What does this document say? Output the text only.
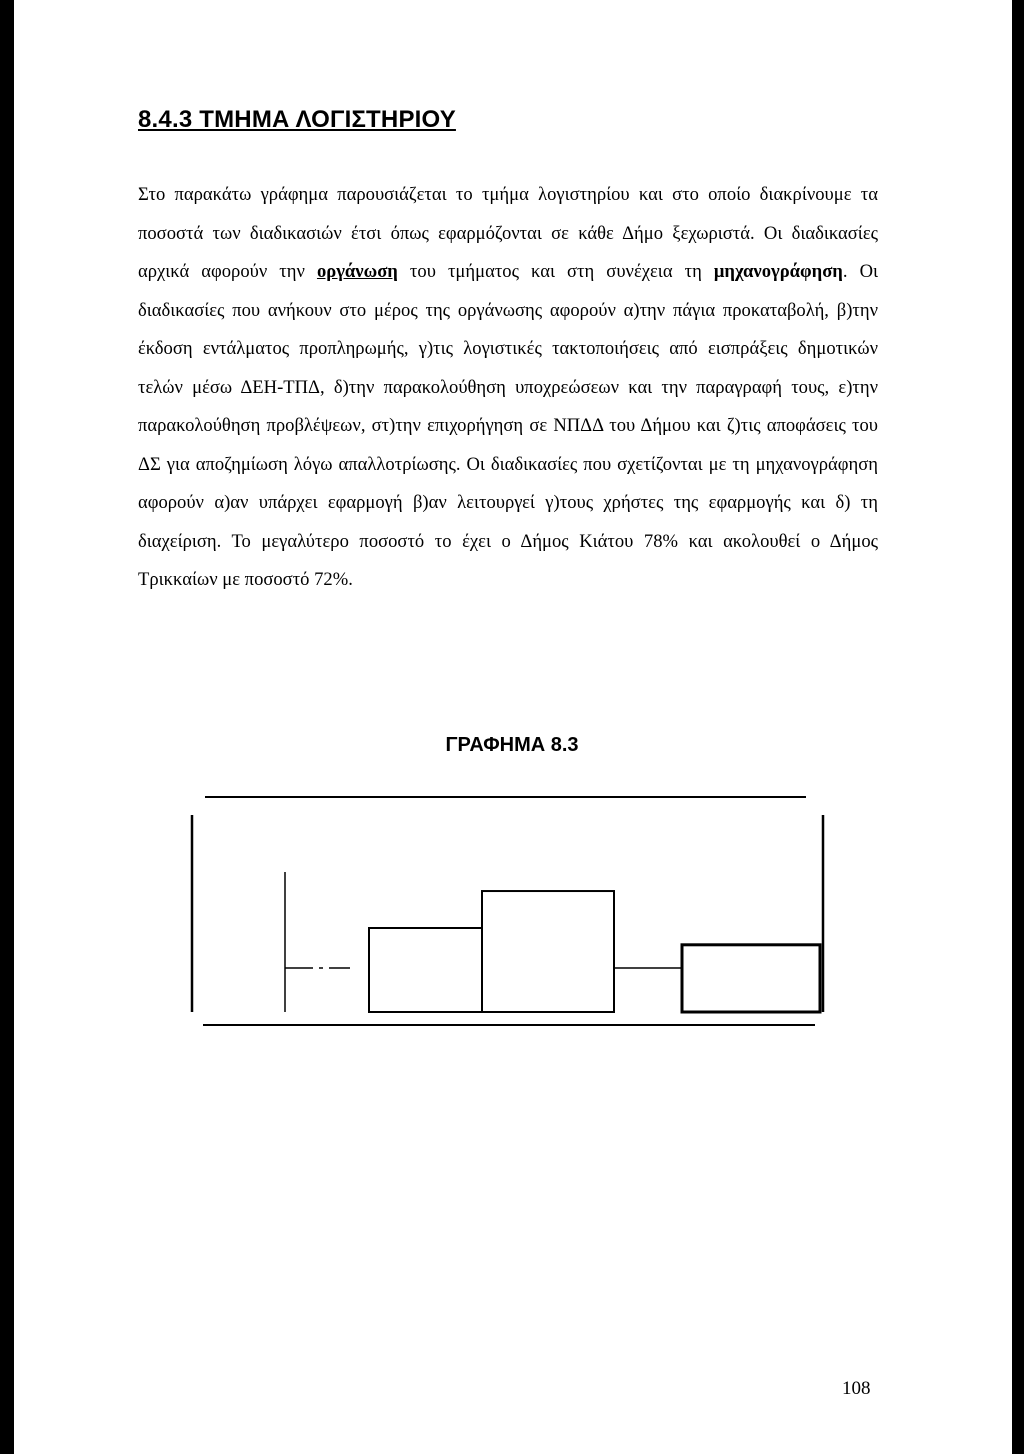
8.4.3 ΤΜΗΜΑ ΛΟΓΙΣΤΗΡΙΟΥ

Στο παρακάτω γράφημα παρουσιάζεται το τμήμα λογιστηρίου και στο οποίο διακρίνουμε τα ποσοστά των διαδικασιών έτσι όπως εφαρμόζονται σε κάθε Δήμο ξεχωριστά. Οι διαδικασίες αρχικά αφορούν την οργάνωση του τμήματος και στη συνέχεια τη μηχανογράφηση. Οι διαδικασίες που ανήκουν στο μέρος της οργάνωσης αφορούν α)την πάγια προκαταβολή, β)την έκδοση εντάλματος προπληρωμής, γ)τις λογιστικές τακτοποιήσεις από εισπράξεις δημοτικών τελών μέσω ΔΕΗ-ΤΠΔ, δ)την παρακολούθηση υποχρεώσεων και την παραγραφή τους, ε)την παρακολούθηση προβλέψεων, στ)την επιχορήγηση σε ΝΠΔΔ του Δήμου και ζ)τις αποφάσεις του ΔΣ για αποζημίωση λόγω απαλλοτρίωσης. Οι διαδικασίες που σχετίζονται με τη μηχανογράφηση αφορούν α)αν υπάρχει εφαρμογή β)αν λειτουργεί γ)τους χρήστες της εφαρμογής και δ) τη διαχείριση. Το μεγαλύτερο ποσοστό το έχει ο Δήμος Κιάτου 78% και ακολουθεί ο Δήμος Τρικκαίων με ποσοστό 72%.

ΓΡΑΦΗΜΑ 8.3
108
